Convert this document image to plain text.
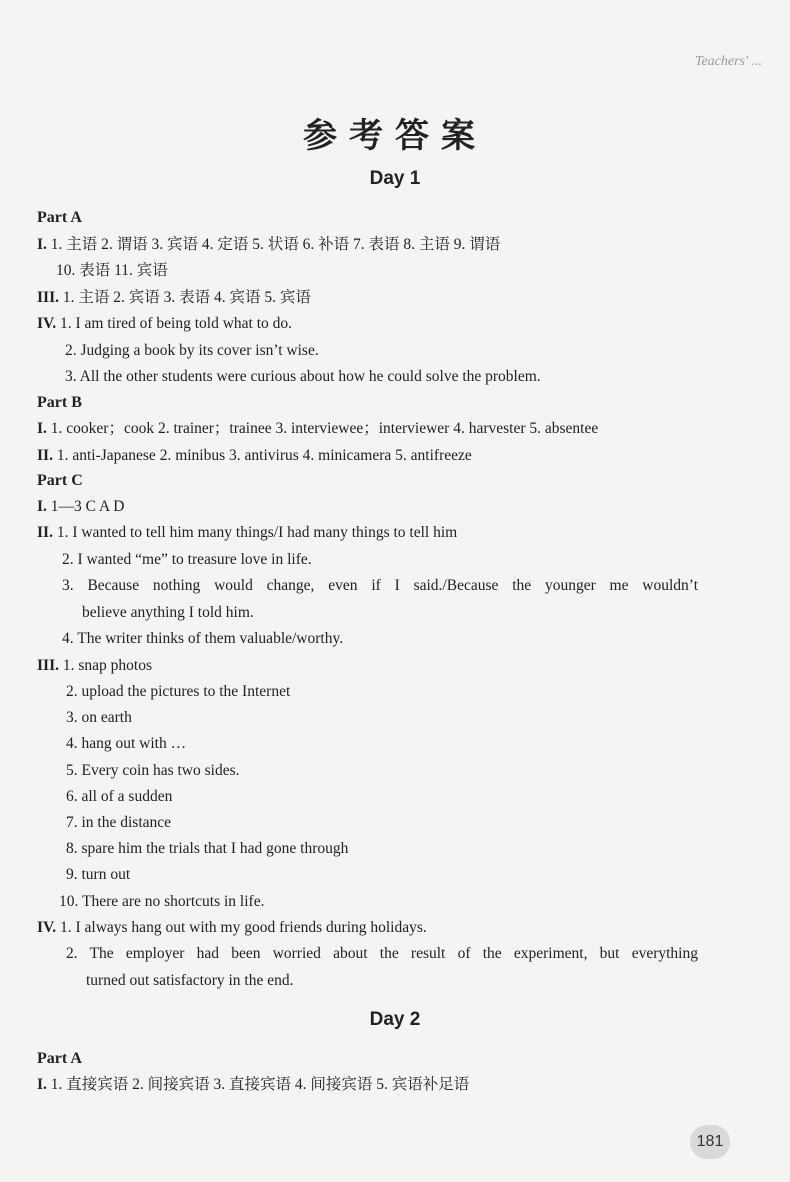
Teachers' ...
参考答案
Day 1
Part A
I. 1. 主语 2. 谓语 3. 宾语 4. 定语 5. 状语 6. 补语 7. 表语 8. 主语 9. 谓语
10. 表语 11. 宾语
III. 1. 主语 2. 宾语 3. 表语 4. 宾语 5. 宾语
IV. 1. I am tired of being told what to do.
2. Judging a book by its cover isn’t wise.
3. All the other students were curious about how he could solve the problem.
Part B
I. 1. cooker；cook 2. trainer；trainee 3. interviewee；interviewer 4. harvester 5. absentee
II. 1. anti-Japanese 2. minibus 3. antivirus 4. minicamera 5. antifreeze
Part C
I. 1—3 C A D
II. 1. I wanted to tell him many things/I had many things to tell him
2. I wanted “me” to treasure love in life.
3. Because nothing would change, even if I said./Because the younger me wouldn’t
believe anything I told him.
4. The writer thinks of them valuable/worthy.
III. 1. snap photos
2. upload the pictures to the Internet
3. on earth
4. hang out with …
5. Every coin has two sides.
6. all of a sudden
7. in the distance
8. spare him the trials that I had gone through
9. turn out
10. There are no shortcuts in life.
IV. 1. I always hang out with my good friends during holidays.
2. The employer had been worried about the result of the experiment, but everything
turned out satisfactory in the end.
Day 2
Part A
I. 1. 直接宾语 2. 间接宾语 3. 直接宾语 4. 间接宾语 5. 宾语补足语
181
